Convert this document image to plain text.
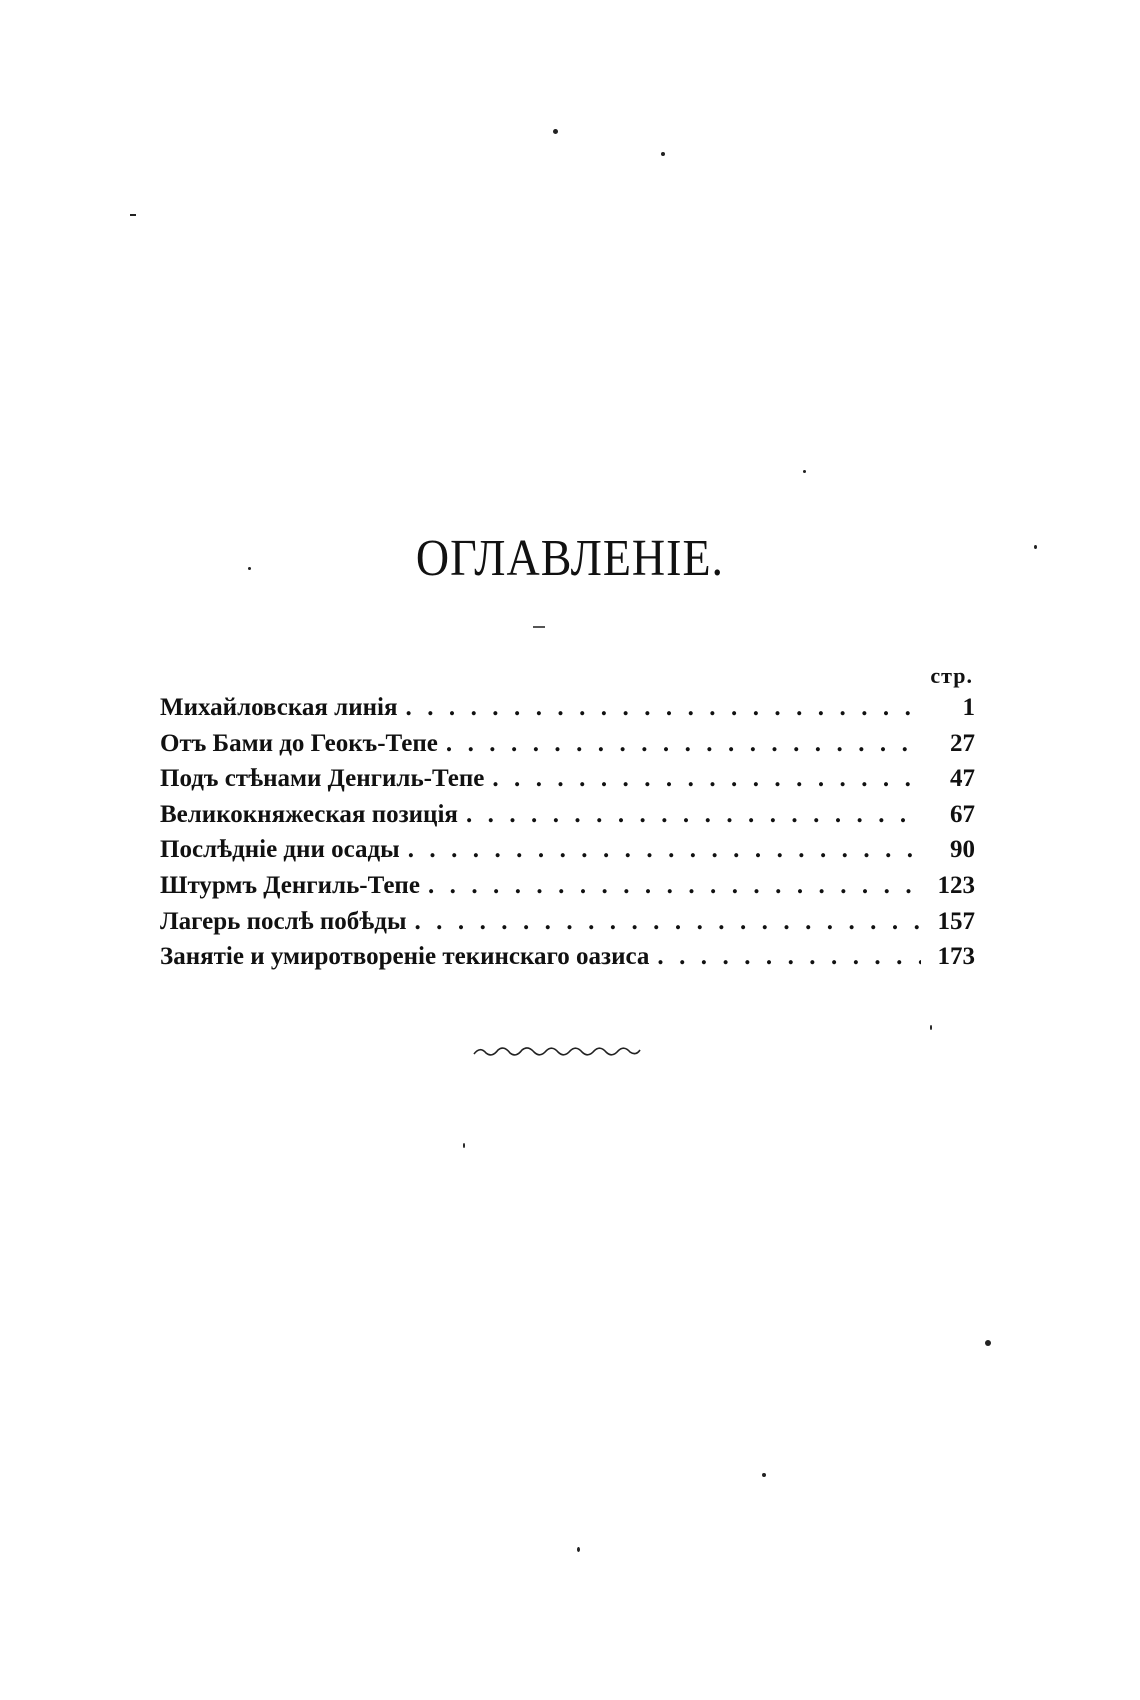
ОГЛАВЛЕНІЕ.
стр.
Михайловская линія . . .	1
Отъ Бами до Геокъ-Тепе . . .	27
Подъ стѣнами Денгиль-Тепе . . .	47
Великокняжеская позиція . . .	67
Послѣдніе дни осады . . .	90
Штурмъ Денгиль-Тепе . . .	123
Лагерь послѣ побѣды . . .	157
Занятіе и умиротвореніе текинскаго оазиса . . .	173
